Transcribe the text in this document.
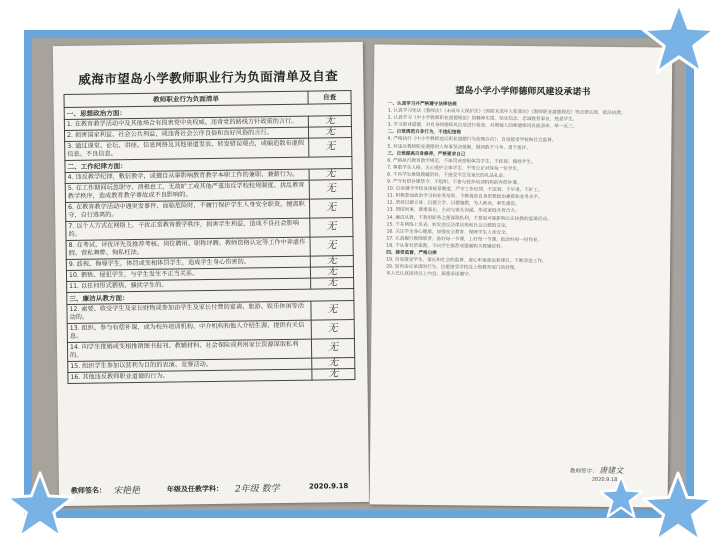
威海市望岛小学教师职业行为负面清单及自查
教师职业行为负面清单	自查
一、思想政治方面：	
1. 在教育教学活动中及其他场合有损害党中央权威、违背党的路线方针政策的言行。	无
2. 损害国家利益、社会公共利益，或违背社会公序良俗和良好风俗的言行。	无
3. 通过课堂、论坛、讲座、信息网络及其他渠道发表、转发错误观点，或编造散布虚假信息、不良信息。	无
二、工作纪律方面：	
4. 违反教学纪律，敷衍教学，或擅自从事影响教育教学本职工作的兼职、兼薪行为。	无
5. 在工作期间玩忽职守、消极怠工，无故旷工或其他严重违反学校校规制度、扰乱教育教学秩序，造成教育教学事故或不良影响的。	无
6. 在教育教学活动中遇突发事件、面临危险时，不履行保护学生人身安全职责，擅离职守，自行逃离的。	无
7. 以个人方式在网络上，干扰正常教育教学秩序，损害学生利益，造成不良社会影响的。	无
8. 在考试、评优评先及推荐考核、岗位聘用、职称评聘、教师资格认定等工作中弄虚作假、营私舞弊、徇私枉法。	无
9. 歧视、侮辱学生，体罚或变相体罚学生，造成学生身心伤害的。	无
10. 猥亵、侵犯学生，与学生发生不正当关系。	无
11. 以任何形式猥亵、骚扰学生的。	无
三、廉洁从教方面：	
12. 索要、收受学生及家长财物或参加由学生及家长付费的宴请、旅游、娱乐休闲等活动的。	无
13. 组织、参与有偿补课，或为校外培训机构、中介机构和他人介绍生源、提供有关信息。	无
14. 向学生推销或变相推销图书报刊、教辅材料、社会保险或利用家长资源谋取私利的。	无
15. 组织学生参加以营利为目的的表演、竞赛活动。	无
16. 其他违反教师职业道德的行为。	无
教师签名： 宋艳艳	年级及任教学科： 2年级 数学	2020.9.18
望岛小学小学师德师风建设承诺书
一、认真学习并严格遵守法律法规
1. 认真学习宪法《教师法》《未成年人保护法》《预防未成年人犯罪法》《教师职业道德规范》等法律法规，依法执教。
2. 认真学习《中小学教师职业道德规范》的精神实质，坚定信念，忠诚教育事业，热爱学生。
3. 学习职业道德，对自身师德师风自觉进行检查，对照他人的师德师风负面清单，举一反三。
二、自觉规范自身行为，不违纪违规
4. 严格执行《中小学教师违反职业道德行为处理办法》，自觉接受学校和社会监督。
5. 对违反教师职业道德的人和事坚决抵制，做到敢于斗争、勇于批评。
三、自觉提高自身修养，严格要求自己
6. 严格执行教育教学规范，不体罚或变相体罚学生，不歧视、侮辱学生。
7. 尊重学生人格，关心爱护全体学生，平等公正对待每一位学生。
8. 不向学生推销教辅资料，不接受学生及家长的礼品礼金。
9. 严守有偿补课禁令，不组织、不参与校外培训机构的有偿补课。
10. 自觉遵守学校各项规章制度，严守工作纪律，不迟到、不早退、不旷工。
11. 积极参加政治学习和业务培训，不断提高自身思想政治素质和业务水平。
12. 坚持以德立身、以德立学、以德施教，为人师表，率先垂范。
13. 团结同事，尊重家长，主动与家长沟通，形成家校共育合力。
14. 廉洁从教，不利用职务之便谋取私利，不参加可能影响公正执教的宴请活动。
15. 不在网络上发表、转发违反法律法规和社会公德的言论。
16. 关注学生身心健康，加强安全教育，保障学生人身安全。
17. 认真履行教师职责，备好每一节课，上好每一节课，批改好每一份作业。
18. 不从事有偿家教，不向学生推荐或强制购买教辅资料。
四、接受监督，严格自律
19. 自觉接受学生、家长和社会的监督，虚心听取意见和建议，不断改进工作。
20. 如有违反承诺的行为，自愿接受学校及上级教育部门的处理。
本人已认真阅读以上内容，郑重承诺遵守。
教师签字： 唐建文
2020.9.18
